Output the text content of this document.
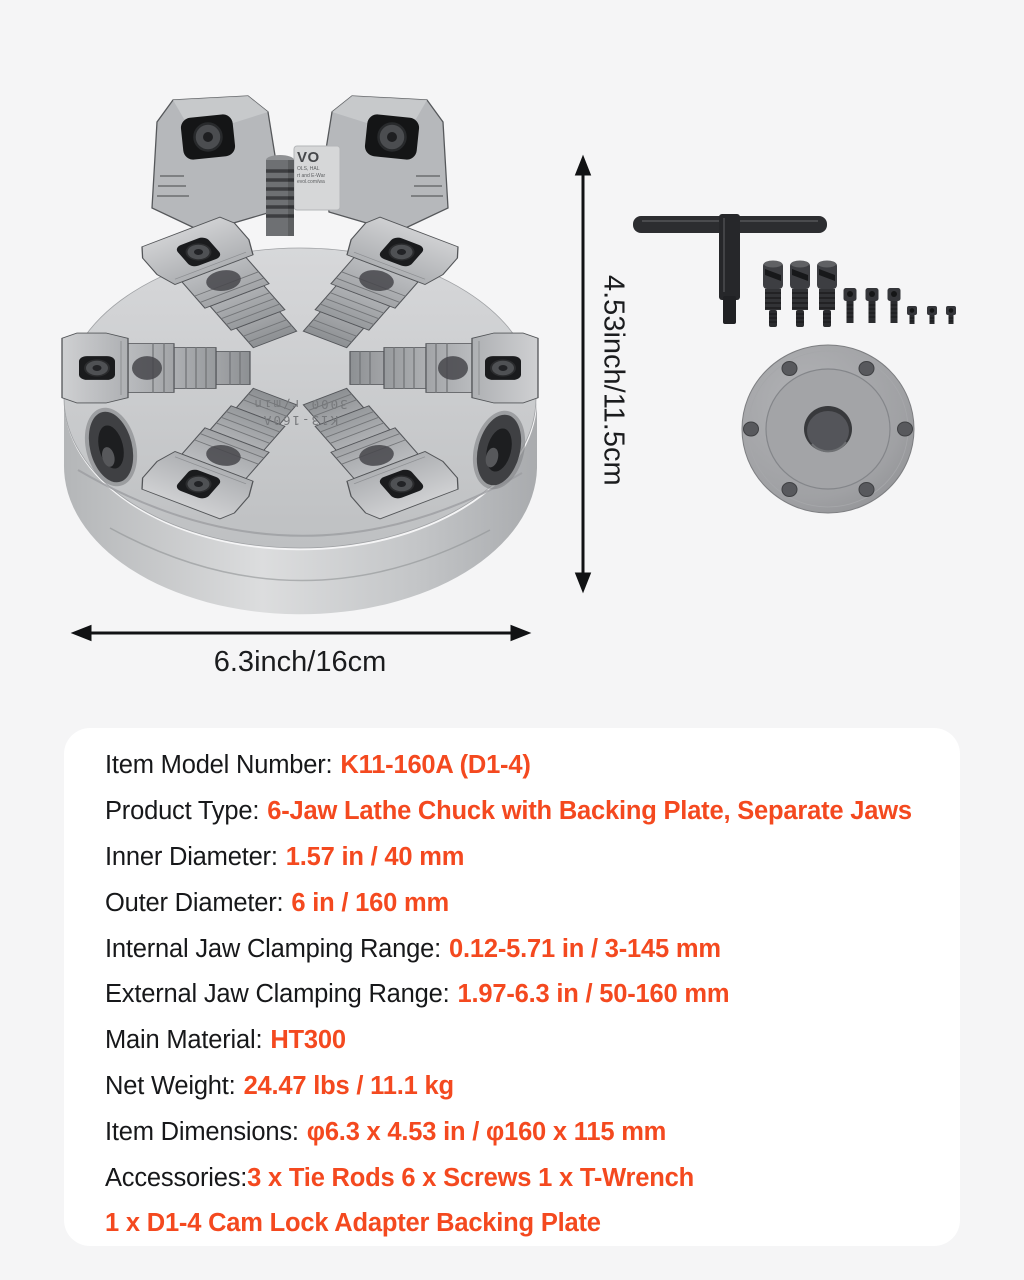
K13-160A
3000 r/min
VO
OLS, HAL
rt and E-War
evol.com/wa
4.53inch/11.5cm
6.3inch/16cm
Item Model Number: K11-160A (D1-4)
Product Type: 6-Jaw Lathe Chuck with Backing Plate, Separate Jaws
Inner Diameter: 1.57 in / 40 mm
Outer Diameter: 6 in / 160 mm
Internal Jaw Clamping Range: 0.12-5.71 in / 3-145 mm
External Jaw Clamping Range: 1.97-6.3 in / 50-160 mm
Main Material: HT300
Net Weight: 24.47 lbs / 11.1 kg
Item Dimensions: φ6.3 x 4.53 in / φ160 x 115 mm
Accessories: 3 x Tie Rods 6 x Screws 1 x T-Wrench
1 x D1-4 Cam Lock Adapter Backing Plate
